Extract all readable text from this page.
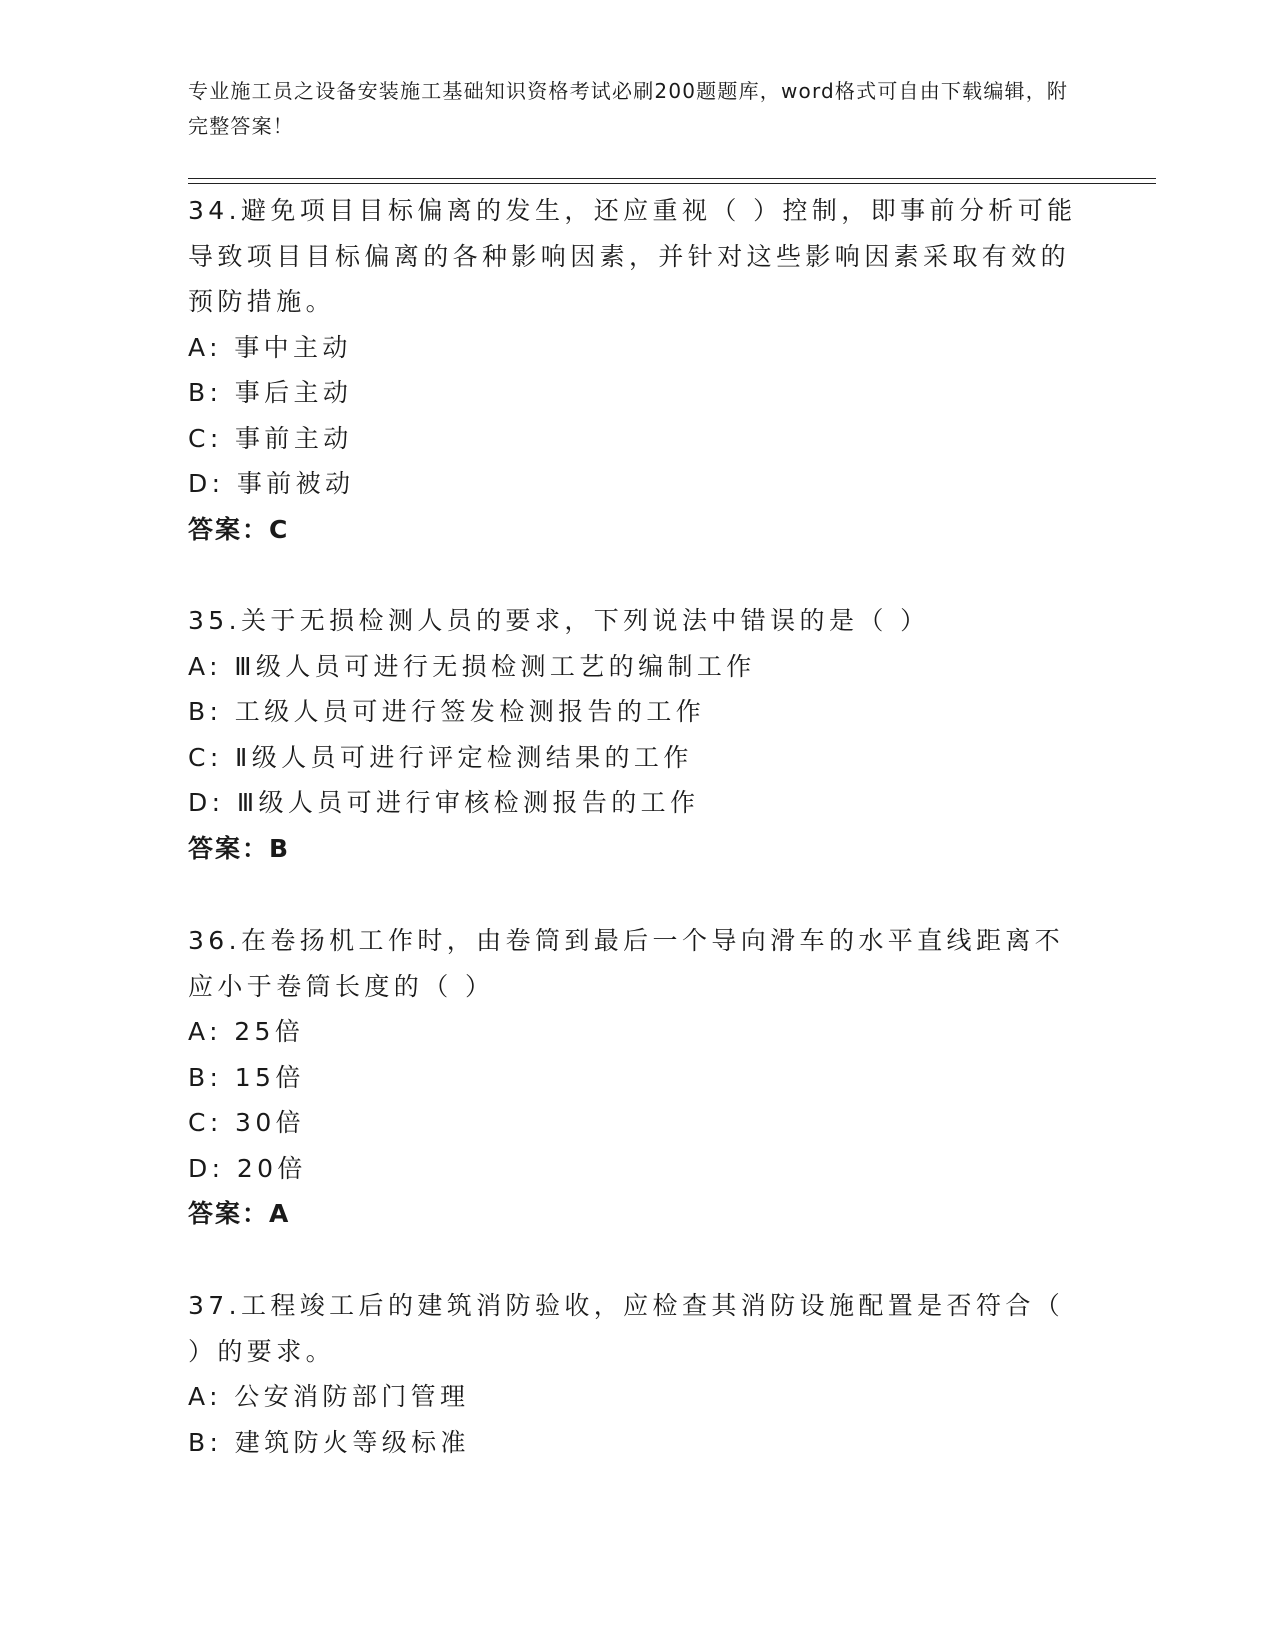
专业施工员之设备安装施工基础知识资格考试必刷200题题库，word格式可自由下载编辑，附完整答案！
34.避免项目目标偏离的发生，还应重视（ ）控制，即事前分析可能导致项目目标偏离的各种影响因素，并针对这些影响因素采取有效的预防措施。
A: 事中主动
B: 事后主动
C: 事前主动
D: 事前被动
答案：C
35.关于无损检测人员的要求，下列说法中错误的是（ ）
A: Ⅲ级人员可进行无损检测工艺的编制工作
B: 工级人员可进行签发检测报告的工作
C: Ⅱ级人员可进行评定检测结果的工作
D: Ⅲ级人员可进行审核检测报告的工作
答案：B
36.在卷扬机工作时，由卷筒到最后一个导向滑车的水平直线距离不应小于卷筒长度的（ ）
A: 25倍
B: 15倍
C: 30倍
D: 20倍
答案：A
37.工程竣工后的建筑消防验收，应检查其消防设施配置是否符合（ ）的要求。
A: 公安消防部门管理
B: 建筑防火等级标准
